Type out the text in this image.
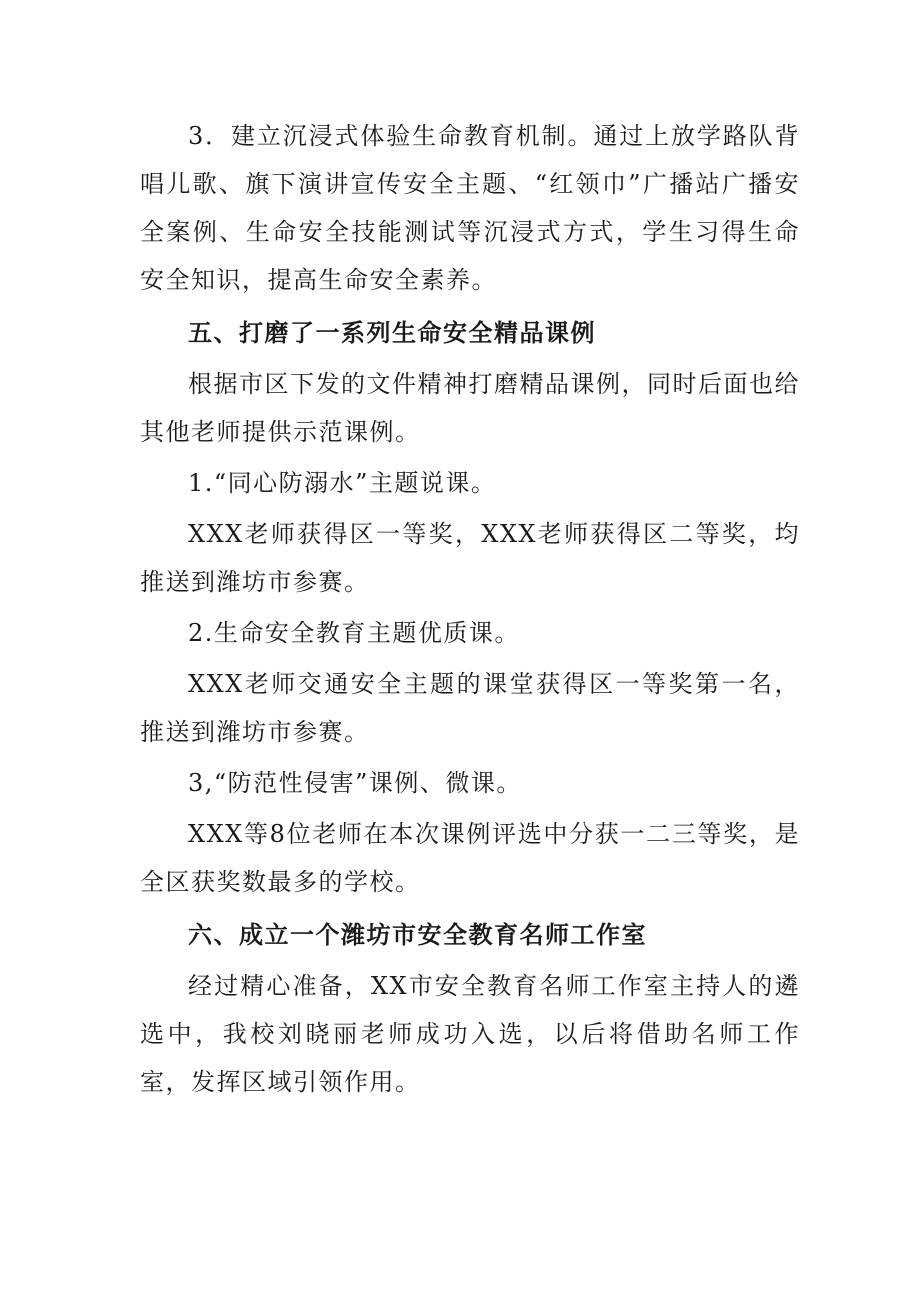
3．建立沉浸式体验生命教育机制。通过上放学路队背唱儿歌、旗下演讲宣传安全主题、“红领巾”广播站广播安全案例、生命安全技能测试等沉浸式方式，学生习得生命安全知识，提高生命安全素养。

五、打磨了一系列生命安全精品课例

根据市区下发的文件精神打磨精品课例，同时后面也给其他老师提供示范课例。

1.“同心防溺水”主题说课。

XXX老师获得区一等奖，XXX老师获得区二等奖，均推送到潍坊市参赛。

2.生命安全教育主题优质课。

XXX老师交通安全主题的课堂获得区一等奖第一名，推送到潍坊市参赛。

3,“防范性侵害”课例、微课。

XXX等8位老师在本次课例评选中分获一二三等奖，是全区获奖数最多的学校。

六、成立一个潍坊市安全教育名师工作室

经过精心准备，XX市安全教育名师工作室主持人的遴选中，我校刘晓丽老师成功入选，以后将借助名师工作室，发挥区域引领作用。
